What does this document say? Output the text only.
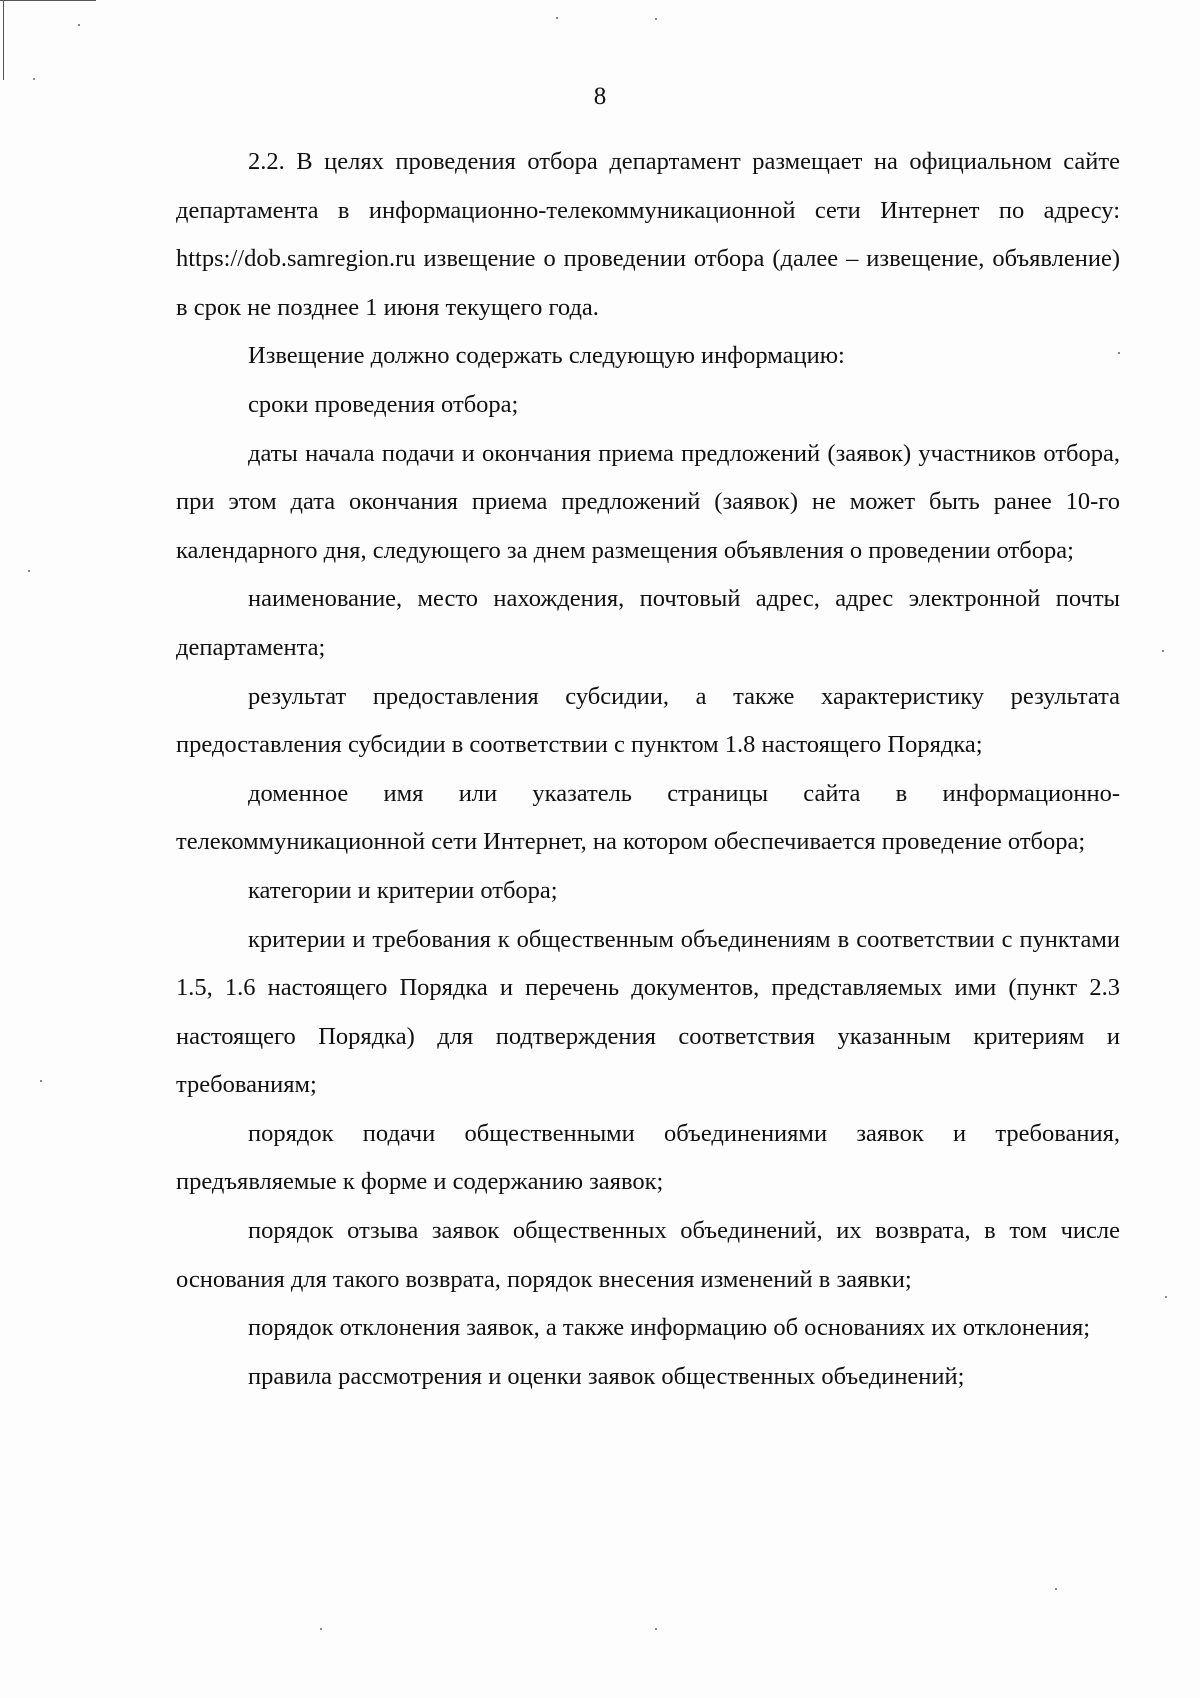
8

2.2. В целях проведения отбора департамент размещает на официальном сайте департамента в информационно-телекоммуникационной сети Интернет по адресу: https://dob.samregion.ru извещение о проведении отбора (далее – извещение, объявление) в срок не позднее 1 июня текущего года.

Извещение должно содержать следующую информацию:

сроки проведения отбора;

даты начала подачи и окончания приема предложений (заявок) участников отбора, при этом дата окончания приема предложений (заявок) не может быть ранее 10-го календарного дня, следующего за днем размещения объявления о проведении отбора;

наименование, место нахождения, почтовый адрес, адрес электронной почты департамента;

результат предоставления субсидии, а также характеристику результата предоставления субсидии в соответствии с пунктом 1.8 настоящего Порядка;

доменное имя или указатель страницы сайта в информационно-телекоммуникационной сети Интернет, на котором обеспечивается проведение отбора;

категории и критерии отбора;

критерии и требования к общественным объединениям в соответствии с пунктами 1.5, 1.6 настоящего Порядка и перечень документов, представляемых ими (пункт 2.3 настоящего Порядка) для подтверждения соответствия указанным критериям и требованиям;

порядок подачи общественными объединениями заявок и требования, предъявляемые к форме и содержанию заявок;

порядок отзыва заявок общественных объединений, их возврата, в том числе основания для такого возврата, порядок внесения изменений в заявки;

порядок отклонения заявок, а также информацию об основаниях их отклонения;

правила рассмотрения и оценки заявок общественных объединений;
